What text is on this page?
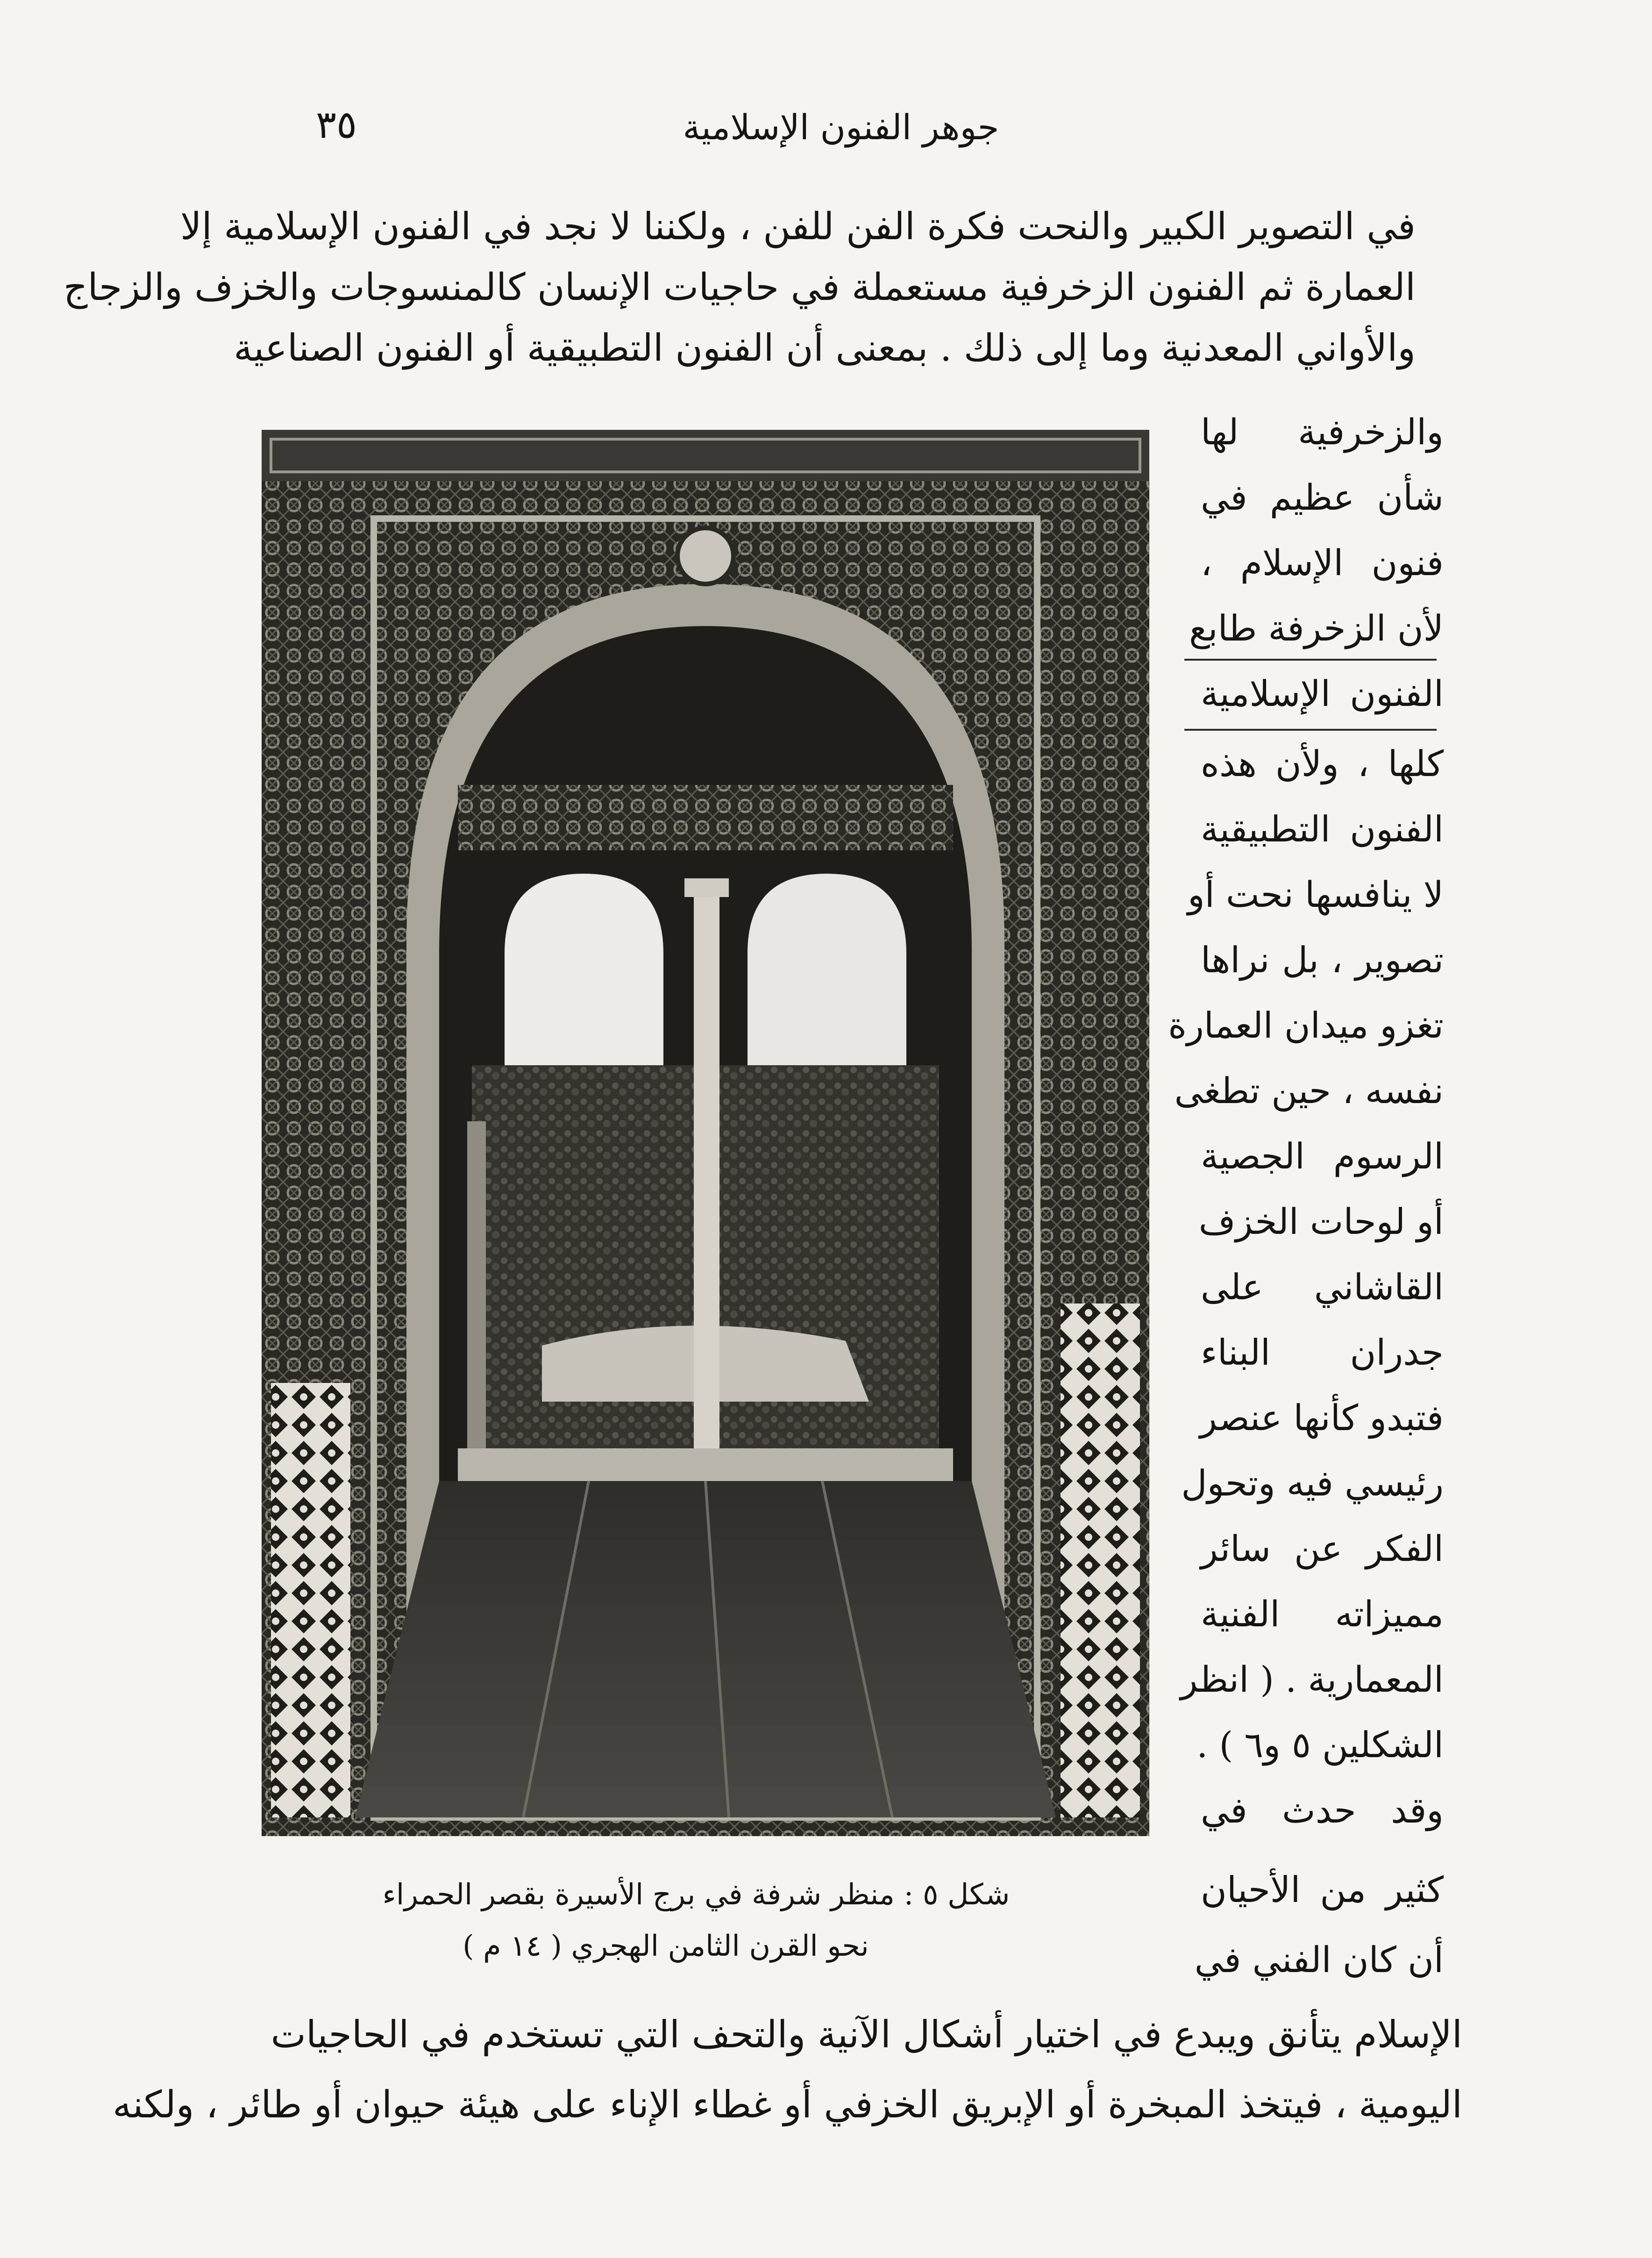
٣٥	جوهر الفنون الإسلامية
في التصوير الكبير والنحت فكرة الفن للفن ، ولكننا لا نجد في الفنون الإسلامية إلا
العمارة ثم الفنون الزخرفية مستعملة في حاجيات الإنسان كالمنسوجات والخزف والزجاج
والأواني المعدنية وما إلى ذلك . بمعنى أن الفنون التطبيقية أو الفنون الصناعية
والزخرفية لها
شأن عظيم في
فنون الإسلام ،
لأن الزخرفة طابع
الفنون الإسلامية
كلها ، ولأن هذه
الفنون التطبيقية
لا ينافسها نحت أو
تصوير ، بل نراها
تغزو ميدان العمارة
نفسه ، حين تطغى
الرسوم الجصية
أو لوحات الخزف
القاشاني على
جدران البناء
فتبدو كأنها عنصر
رئيسي فيه وتحول
الفكر عن سائر
مميزاته الفنية
المعمارية . ( انظر
الشكلين ٥ و٦ ) .
وقد حدث في
كثير من الأحيان
أن كان الفني في
شكل ٥ : منظر شرفة في برج الأسيرة بقصر الحمراء
نحو القرن الثامن الهجري ( ١٤ م )
الإسلام يتأنق ويبدع في اختيار أشكال الآنية والتحف التي تستخدم في الحاجيات
اليومية ، فيتخذ المبخرة أو الإبريق الخزفي أو غطاء الإناء على هيئة حيوان أو طائر ، ولكنه
